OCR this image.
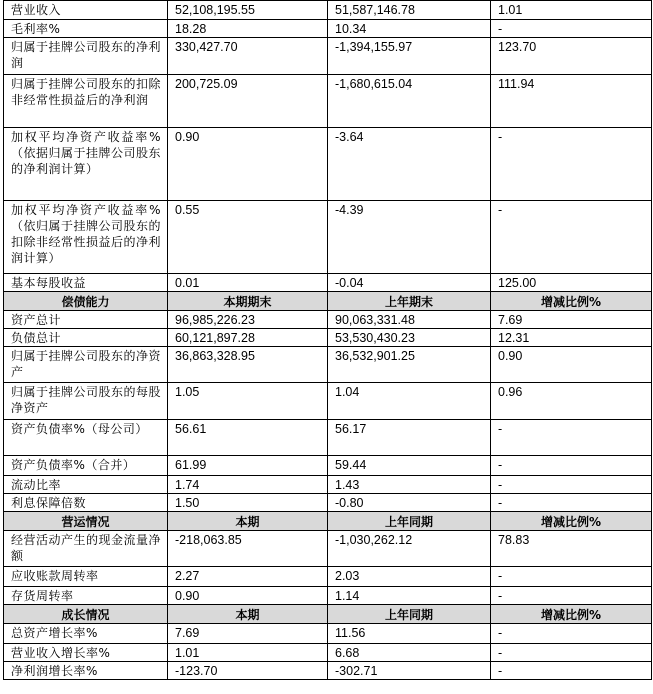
营业收入	52,108,195.55	51,587,146.78	1.01
毛利率%	18.28	10.34	-
归属于挂牌公司股东的净利润	330,427.70	-1,394,155.97	123.70
归属于挂牌公司股东的扣除非经常性损益后的净利润	200,725.09	-1,680,615.04	111.94
加权平均净资产收益率%（依据归属于挂牌公司股东的净利润计算）	0.90	-3.64	-
加权平均净资产收益率%（依归属于挂牌公司股东的扣除非经常性损益后的净利润计算）	0.55	-4.39	-
基本每股收益	0.01	-0.04	125.00
偿债能力	本期期末	上年期末	增减比例%
资产总计	96,985,226.23	90,063,331.48	7.69
负债总计	60,121,897.28	53,530,430.23	12.31
归属于挂牌公司股东的净资产	36,863,328.95	36,532,901.25	0.90
归属于挂牌公司股东的每股净资产	1.05	1.04	0.96
资产负债率%（母公司）	56.61	56.17	-
资产负债率%（合并）	61.99	59.44	-
流动比率	1.74	1.43	-
利息保障倍数	1.50	-0.80	-
营运情况	本期	上年同期	增减比例%
经营活动产生的现金流量净额	-218,063.85	-1,030,262.12	78.83
应收账款周转率	2.27	2.03	-
存货周转率	0.90	1.14	-
成长情况	本期	上年同期	增减比例%
总资产增长率%	7.69	11.56	-
营业收入增长率%	1.01	6.68	-
净利润增长率%	-123.70	-302.71	-
